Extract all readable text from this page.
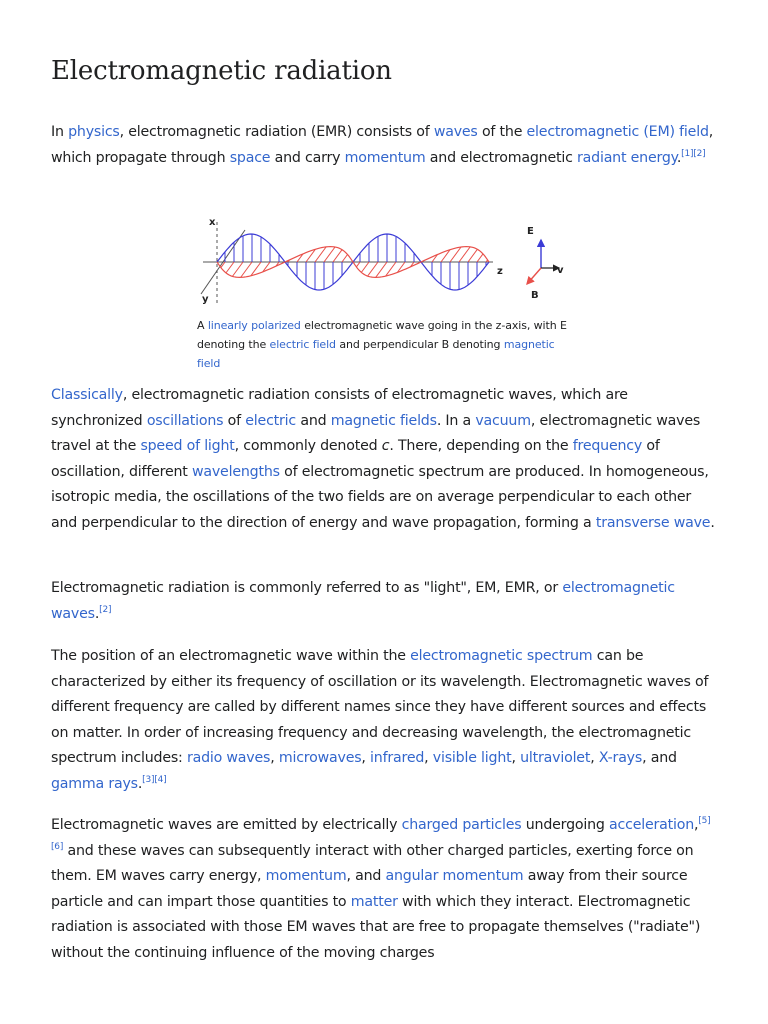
Electromagnetic radiation

In physics, electromagnetic radiation (EMR) consists of waves of the electromagnetic (EM) field, which propagate through space and carry momentum and electromagnetic radiant energy.[1][2]

x
y
z
E
v
B

A linearly polarized electromagnetic wave going in the z-axis, with E denoting the electric field and perpendicular B denoting magnetic field

Classically, electromagnetic radiation consists of electromagnetic waves, which are synchronized oscillations of electric and magnetic fields. In a vacuum, electromagnetic waves travel at the speed of light, commonly denoted c. There, depending on the frequency of oscillation, different wavelengths of electromagnetic spectrum are produced. In homogeneous, isotropic media, the oscillations of the two fields are on average perpendicular to each other and perpendicular to the direction of energy and wave propagation, forming a transverse wave.

Electromagnetic radiation is commonly referred to as "light", EM, EMR, or electromagnetic waves.[2]

The position of an electromagnetic wave within the electromagnetic spectrum can be characterized by either its frequency of oscillation or its wavelength. Electromagnetic waves of different frequency are called by different names since they have different sources and effects on matter. In order of increasing frequency and decreasing wavelength, the electromagnetic spectrum includes: radio waves, microwaves, infrared, visible light, ultraviolet, X-rays, and gamma rays.[3][4]

Electromagnetic waves are emitted by electrically charged particles undergoing acceleration,[5][6] and these waves can subsequently interact with other charged particles, exerting force on them. EM waves carry energy, momentum, and angular momentum away from their source particle and can impart those quantities to matter with which they interact. Electromagnetic radiation is associated with those EM waves that are free to propagate themselves ("radiate") without the continuing influence of the moving charges
